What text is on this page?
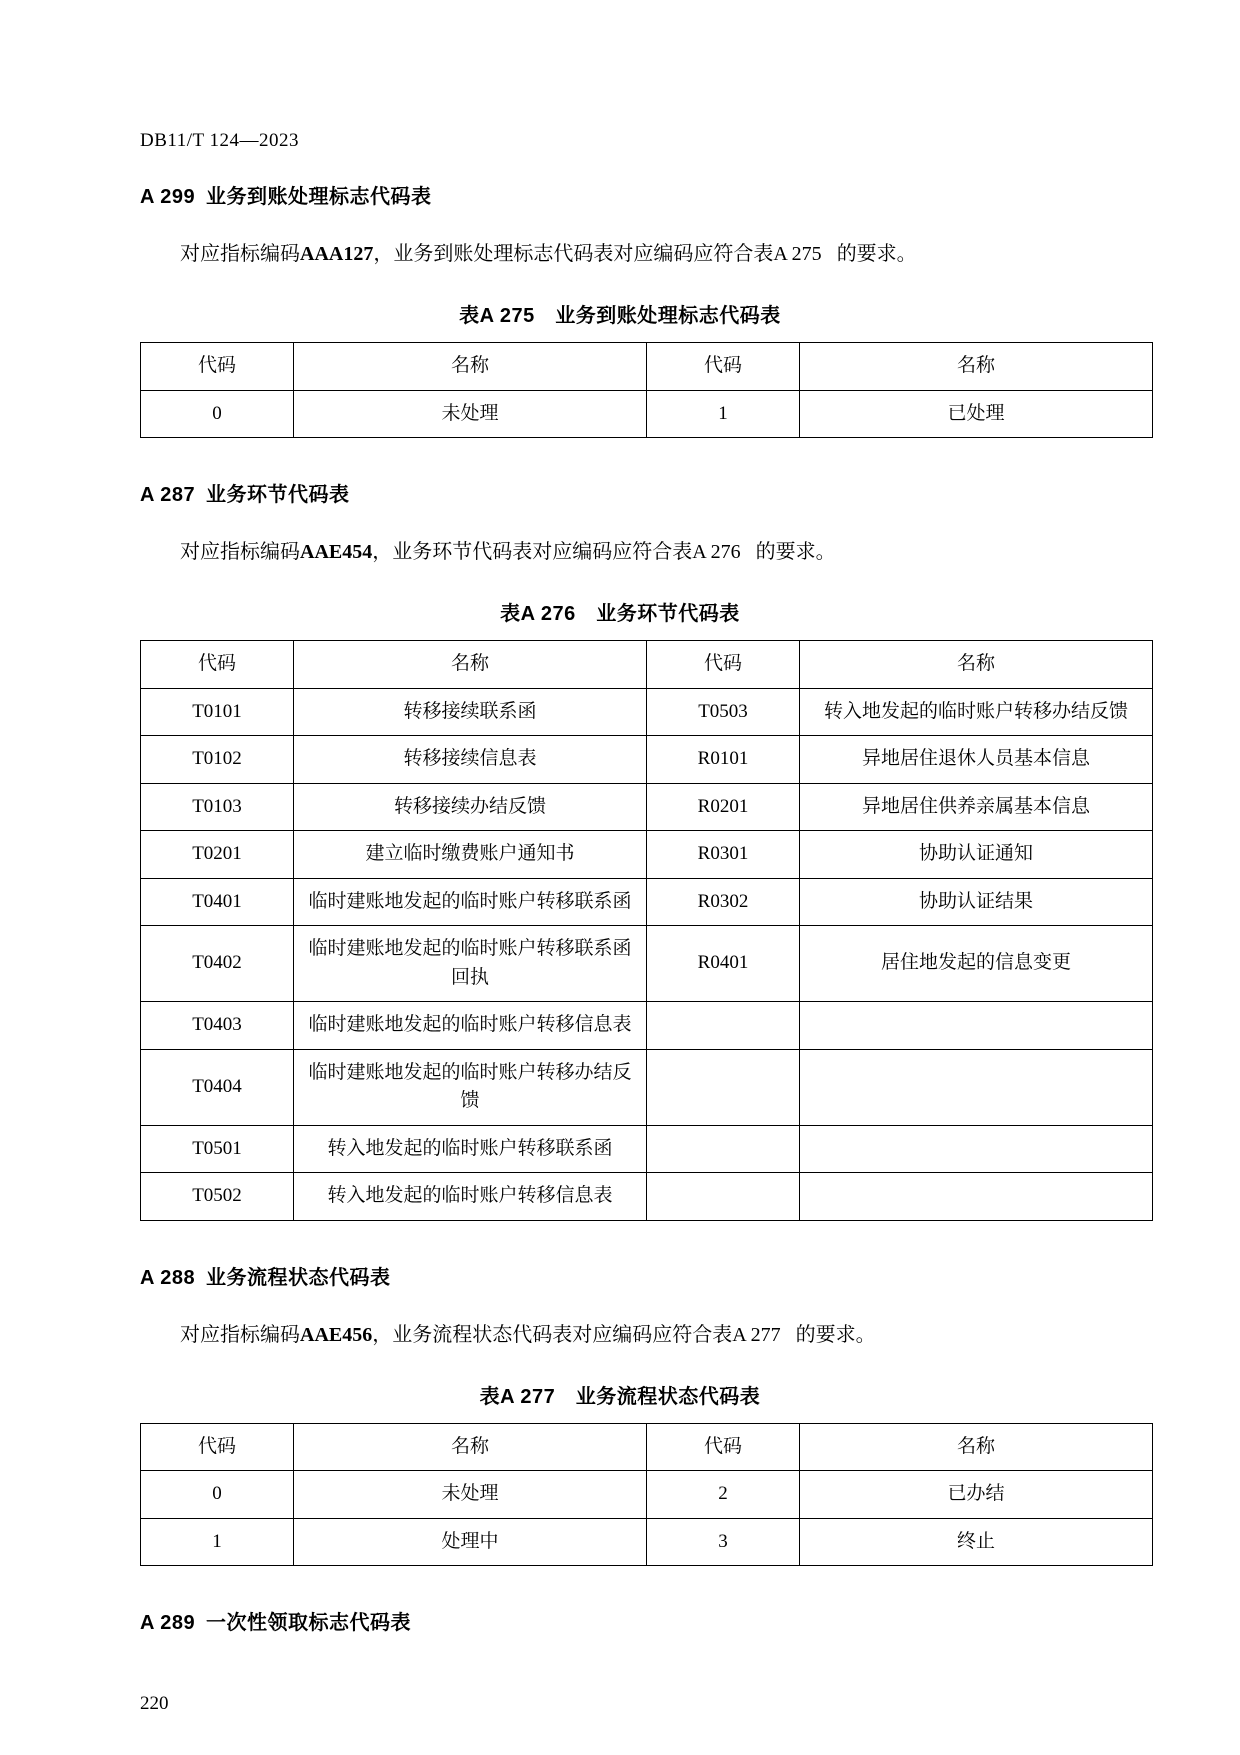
DB11/T 124—2023
A 299 业务到账处理标志代码表

对应指标编码AAA127，业务到账处理标志代码表对应编码应符合表A 275 的要求。

表A 275　业务到账处理标志代码表
代码	名称	代码	名称
0	未处理	1	已处理
A 287 业务环节代码表

对应指标编码AAE454，业务环节代码表对应编码应符合表A 276 的要求。

表A 276　业务环节代码表
代码	名称	代码	名称
T0101	转移接续联系函	T0503	转入地发起的临时账户转移办结反馈
T0102	转移接续信息表	R0101	异地居住退休人员基本信息
T0103	转移接续办结反馈	R0201	异地居住供养亲属基本信息
T0201	建立临时缴费账户通知书	R0301	协助认证通知
T0401	临时建账地发起的临时账户转移联系函	R0302	协助认证结果
T0402	临时建账地发起的临时账户转移联系函回执	R0401	居住地发起的信息变更
T0403	临时建账地发起的临时账户转移信息表		
T0404	临时建账地发起的临时账户转移办结反馈		
T0501	转入地发起的临时账户转移联系函		
T0502	转入地发起的临时账户转移信息表		
A 288 业务流程状态代码表

对应指标编码AAE456，业务流程状态代码表对应编码应符合表A 277 的要求。

表A 277　业务流程状态代码表
代码	名称	代码	名称
0	未处理	2	已办结
1	处理中	3	终止
A 289 一次性领取标志代码表
220
